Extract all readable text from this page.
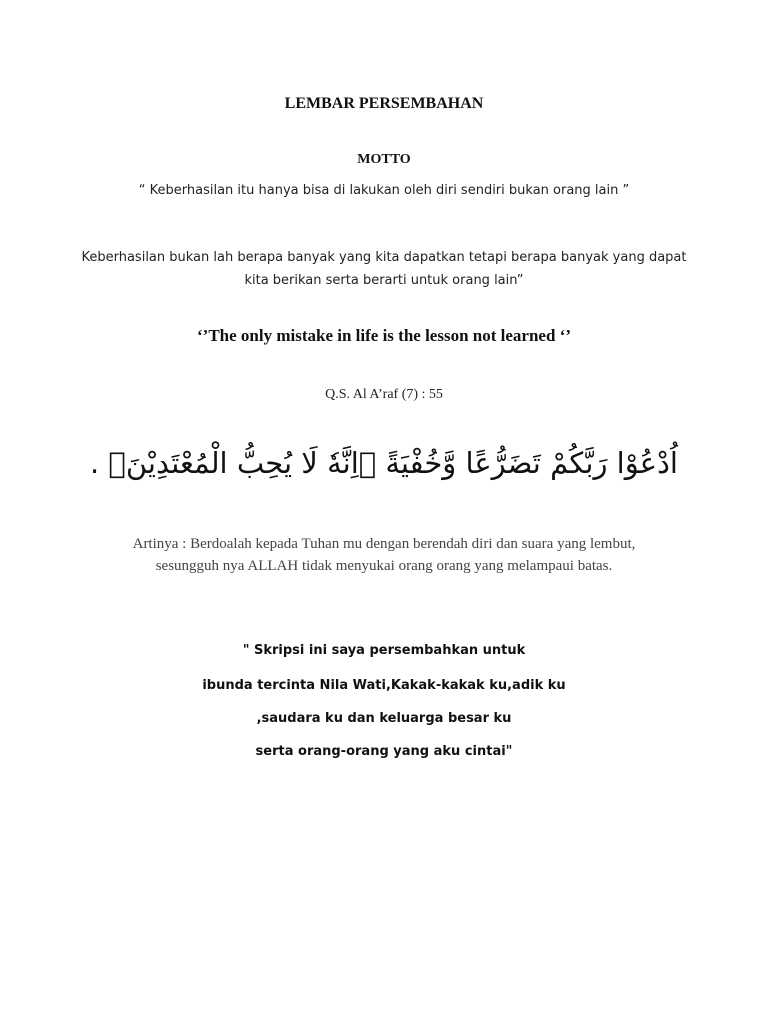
LEMBAR PERSEMBAHAN
MOTTO
“ Keberhasilan itu hanya bisa di lakukan oleh diri sendiri bukan orang lain ”
Keberhasilan bukan lah berapa banyak yang kita dapatkan tetapi berapa banyak yang dapat
kita berikan serta berarti untuk orang lain”
‘’The only mistake in life is the lesson not learned ‘’
Q.S. Al A’raf (7) : 55
اُدْعُوْا رَبَّكُمْ تَضَرُّعًا وَّخُفْيَةً ۗاِنَّهٗ لَا يُحِبُّ الْمُعْتَدِيْنَۚ .
Artinya : Berdoalah kepada Tuhan mu dengan berendah diri dan suara yang lembut,
sesungguh nya ALLAH tidak menyukai orang orang yang melampaui batas.
" Skripsi ini saya persembahkan untuk
ibunda tercinta Nila Wati,Kakak-kakak ku,adik ku
,saudara ku dan keluarga besar ku
serta orang-orang yang aku cintai"
